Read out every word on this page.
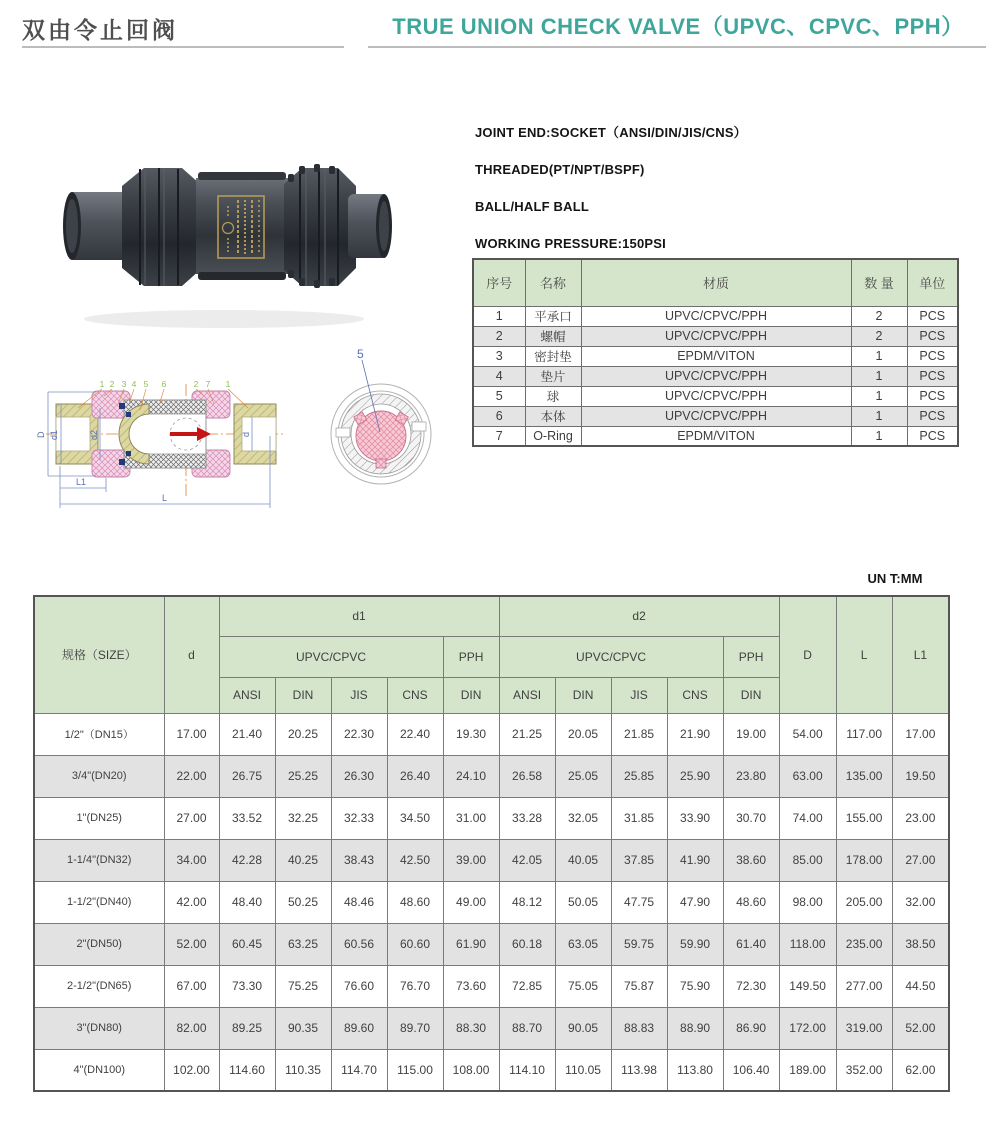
双由令止回阀	TRUE UNION CHECK VALVE（UPVC、CPVC、PPH）
JOINT END:SOCKET（ANSI/DIN/JIS/CNS）
THREADED(PT/NPT/BSPF)
BALL/HALF BALL
WORKING PRESSURE:150PSI
序号	名称	材质	数 量	单位
1	平承口	UPVC/CPVC/PPH	2	PCS
2	螺帽	UPVC/CPVC/PPH	2	PCS
3	密封垫	EPDM/VITON	1	PCS
4	垫片	UPVC/CPVC/PPH	1	PCS
5	球	UPVC/CPVC/PPH	1	PCS
6	本体	UPVC/CPVC/PPH	1	PCS
7	O-Ring	EPDM/VITON	1	PCS
D d1	d2	d
L1
L
1 2 3 4 5 6	2 7 1
5
UN T:MM
规格（SIZE）	d	d1					d2					D	L	L1
		UPVC/CPVC				PPH	UPVC/CPVC				PPH			
		ANSI	DIN	JIS	CNS	DIN	ANSI	DIN	JIS	CNS	DIN			
1/2"（DN15）	17.00	21.40	20.25	22.30	22.40	19.30	21.25	20.05	21.85	21.90	19.00	54.00	117.00	17.00
3/4"(DN20)	22.00	26.75	25.25	26.30	26.40	24.10	26.58	25.05	25.85	25.90	23.80	63.00	135.00	19.50
1"(DN25)	27.00	33.52	32.25	32.33	34.50	31.00	33.28	32.05	31.85	33.90	30.70	74.00	155.00	23.00
1-1/4"(DN32)	34.00	42.28	40.25	38.43	42.50	39.00	42.05	40.05	37.85	41.90	38.60	85.00	178.00	27.00
1-1/2"(DN40)	42.00	48.40	50.25	48.46	48.60	49.00	48.12	50.05	47.75	47.90	48.60	98.00	205.00	32.00
2"(DN50)	52.00	60.45	63.25	60.56	60.60	61.90	60.18	63.05	59.75	59.90	61.40	118.00	235.00	38.50
2-1/2"(DN65)	67.00	73.30	75.25	76.60	76.70	73.60	72.85	75.05	75.87	75.90	72.30	149.50	277.00	44.50
3"(DN80)	82.00	89.25	90.35	89.60	89.70	88.30	88.70	90.05	88.83	88.90	86.90	172.00	319.00	52.00
4"(DN100)	102.00	114.60	110.35	114.70	115.00	108.00	114.10	110.05	113.98	113.80	106.40	189.00	352.00	62.00
